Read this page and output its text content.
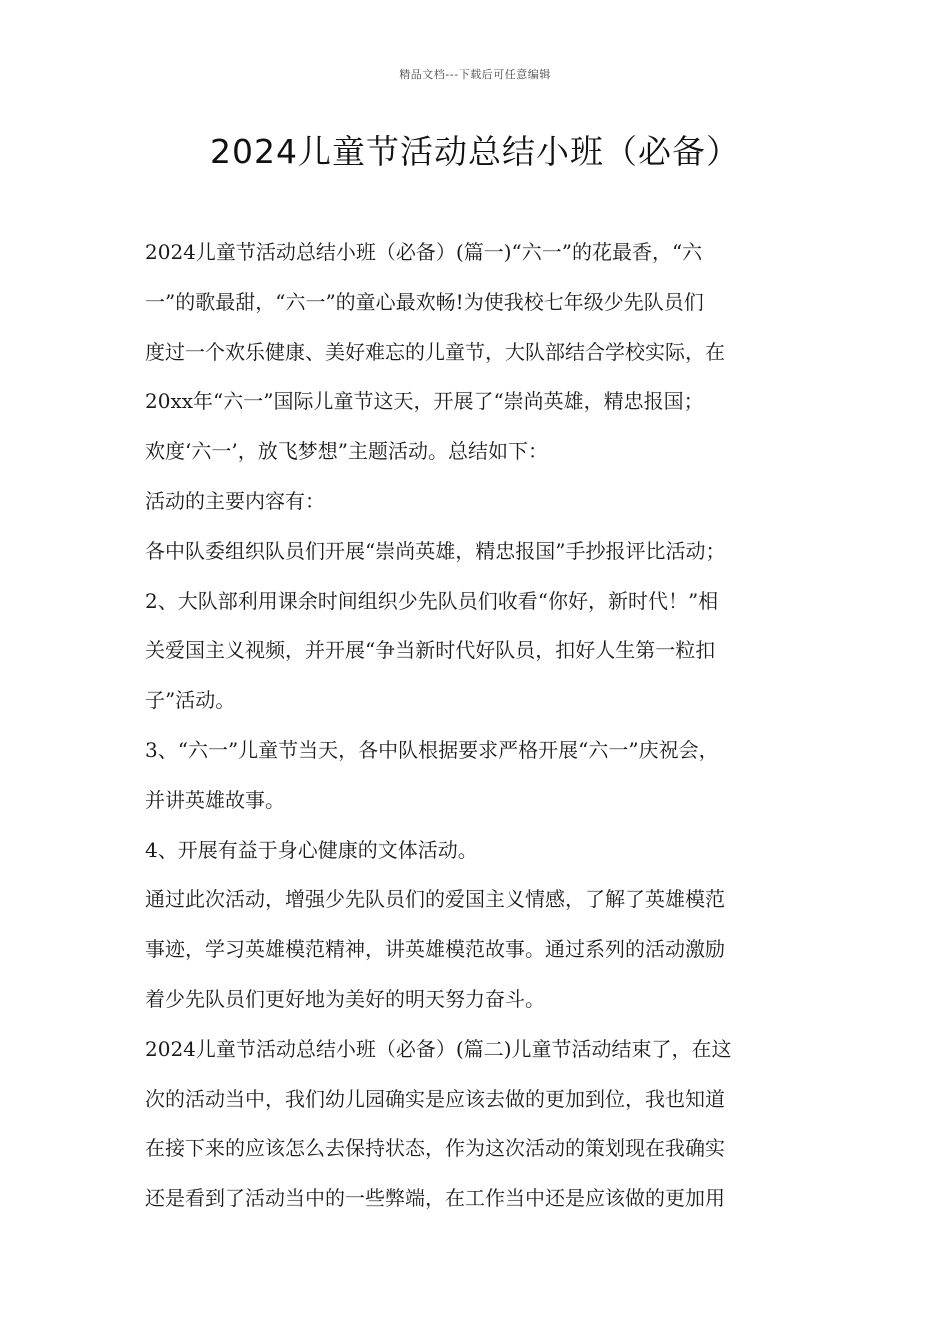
精品文档---下载后可任意编辑
2024儿童节活动总结小班（必备）
2024儿童节活动总结小班（必备）(篇一)“六一”的花最香，“六
一”的歌最甜，“六一”的童心最欢畅!为使我校七年级少先队员们
度过一个欢乐健康、美好难忘的儿童节，大队部结合学校实际，在
20xx年“六一”国际儿童节这天，开展了“崇尚英雄，精忠报国；
欢度‘六一’，放飞梦想”主题活动。总结如下：
活动的主要内容有：
各中队委组织队员们开展“崇尚英雄，精忠报国”手抄报评比活动；
2、大队部利用课余时间组织少先队员们收看“你好，新时代！”相
关爱国主义视频，并开展“争当新时代好队员，扣好人生第一粒扣
子”活动。
3、“六一”儿童节当天，各中队根据要求严格开展“六一”庆祝会，
并讲英雄故事。
4、开展有益于身心健康的文体活动。
通过此次活动，增强少先队员们的爱国主义情感，了解了英雄模范
事迹，学习英雄模范精神，讲英雄模范故事。通过系列的活动激励
着少先队员们更好地为美好的明天努力奋斗。
2024儿童节活动总结小班（必备）(篇二)儿童节活动结束了，在这
次的活动当中，我们幼儿园确实是应该去做的更加到位，我也知道
在接下来的应该怎么去保持状态，作为这次活动的策划现在我确实
还是看到了活动当中的一些弊端，在工作当中还是应该做的更加用
